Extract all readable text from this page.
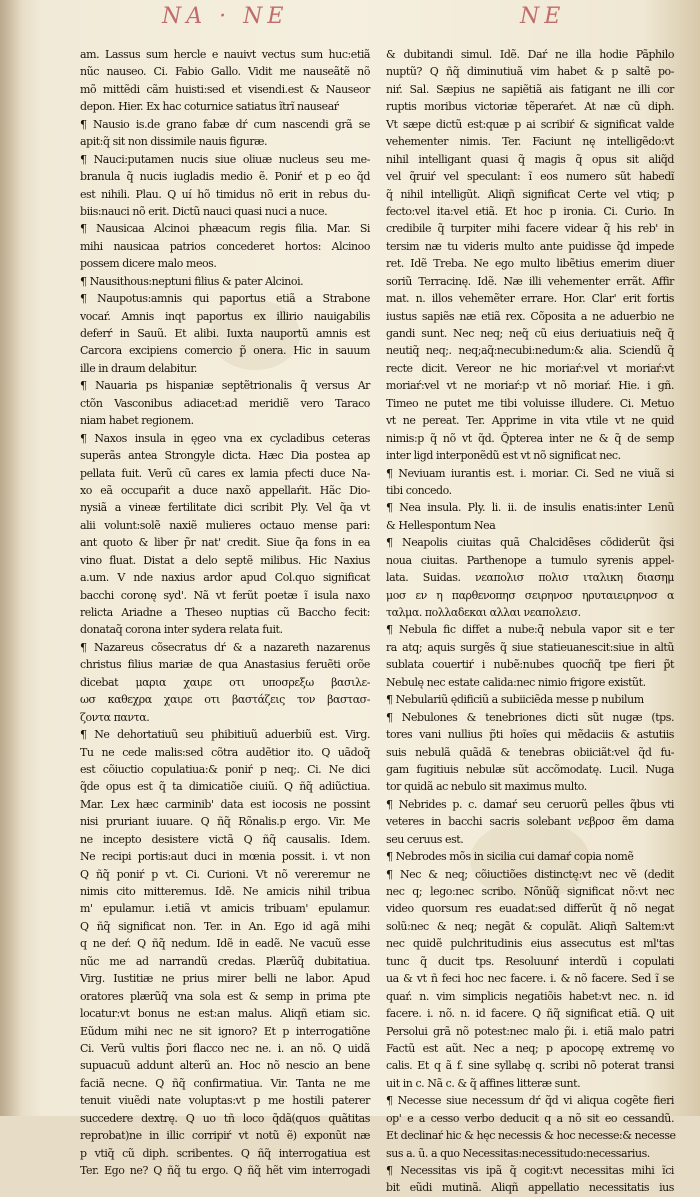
NA · NE	NE
am. Lassus sum hercle e nauivt vectus sum huc:etiã
nũc nauseo. Ci. Fabio Gallo. Vidit me nauseãtẽ nõ
mõ mittẽdi cãm huisti:sed et visendi.est & Nauseor
depon. Hier. Ex hac coturnice satiatus ĩtrĩ nauseaŕ
¶ Nausio is.de grano fabæ dŕ cum nascendi grã se
apit:q̃ sit non dissimile nauis figuræ.
¶ Nauci:putamen nucis siue oliuæ nucleus seu me-
branula q̃ nucis iugladis medio ẽ. Poniŕ et p eo q̃d
est nihili. Plau. Q uí hõ timidus nõ erit in rebus du-
biis:nauci nõ erit. Dictũ nauci quasi nuci a nuce.
¶ Nausicaa Alcinoi phæacum regis filia. Mar. Si
mihi nausicaa patrios concederet hortos: Alcinoo
possem dicere malo meos.
¶ Nausithous:neptuni filius & pater Alcinoi.
¶ Naupotus:amnis qui paportus etiã a Strabone
vocaŕ. Amnis inqt paportus ex illirio nauigabilis
deferŕ in Sauũ. Et alibi. Iuxta nauportũ amnis est
Carcora excipiens comercio p̃ onera. Hic in sauum
ille in draum delabitur.
¶ Nauaria ps hispaniæ septẽtrionalis q̃ versus Ar
ctõn Vasconibus adiacet:ad meridiẽ vero Taraco
niam habet regionem.
¶ Naxos insula in ęgeo vna ex cycladibus ceteras
superãs antea Strongyle dicta. Hæc Dia postea ap
pellata fuit. Verũ cũ cares ex lamia pfecti duce Na-
xo eã occupaŕit a duce naxõ appellaŕit. Hãc Dio-
nysiã a vineæ fertilitate dici scribit Ply. Vel q̃a vt
alii volunt:solẽ naxiẽ mulieres octauo mense pari:
ant quoto & liber p̃r nat' credit. Siue q̃a fons in ea
vino fluat. Distat a delo septẽ milibus. Hic Naxius
a.um. V nde naxius ardor apud Col.quo significat
bacchi coronę syd'. Nã vt ferũt poetæ ĩ isula naxo
relicta Ariadne a Theseo nuptias cũ Baccho fecit:
donataq̃ corona inter sydera relata fuit.
¶ Nazareus cõsecratus dŕ & a nazareth nazarenus
christus filius mariæ de qua Anastasius feruẽti orõe
dicebat μαρια χαιρε οτι υποσρεξω βασιλε-
ωσ καθεχρα χαιρε οτι βαστάζεις τον βαστασ-
ζοντα παντα.
¶ Ne dehortatiuũ seu phibitiuũ aduerbiũ est. Virg.
Tu ne cede malis:sed cõtra audẽtior ito. Q uãdoq̃
est cõiuctio copulatiua:& poniŕ p neq;. Ci. Ne dici
q̃de opus est q̃ ta dimicatiõe ciuiũ. Q ñq̃ adiũctiua.
Mar. Lex hæc carminib' data est iocosis ne possint
nisi pruriant iuuare. Q ñq̃ Rõnalis.p ergo. Vir. Me
ne incepto desistere victã Q ñq̃ causalis. Idem.
Ne recipi portis:aut duci in mœnia possit. i. vt non
Q ñq̃ poniŕ p vt. Ci. Curioni. Vt nõ vereremur ne
nimis cito mitteremus. Idẽ. Ne amicis nihil tribua
m' epulamur. i.etiã vt amicis tribuam' epulamur.
Q ñq̃ significat non. Ter. in An. Ego id agã mihi
q ne deŕ. Q ñq̃ nedum. Idẽ in eadẽ. Ne vacuũ esse
nũc me ad narrandũ credas. Plærũq̃ dubitatiua.
Virg. Iustitiæ ne prius mirer belli ne labor. Apud
oratores plærũq̃ vna sola est & semp in prima pte
locatur:vt bonus ne est:an malus. Aliqñ etiam sic.
Eũdum mihi nec ne sit ignoro? Et p interrogatiõne
Ci. Verũ vultis p̃ori flacco nec ne. i. an nõ. Q uidã
supuacuũ addunt alterũ an. Hoc nõ nescio an bene
faciã necne. Q ñq̃ confirmatiua. Vir. Tanta ne me
tenuit viuẽdi nate voluptas:vt p me hostili paterer
succedere dextrę. Q uo tñ loco q̃dã(quos quãtitas
reprobat)ne in illic corripiŕ vt notũ ẽ) exponũt næ
p vtiq̃ cũ diph. scribentes. Q ñq̃ interrogatiua est
Ter. Ego ne? Q ñq̃ tu ergo. Q ñq̃ hẽt vim interrogadi
& dubitandi simul. Idẽ. Daŕ ne illa hodie Pãphilo
nuptũ? Q ñq̃ diminutiuã vim habet & p saltẽ po-
niŕ. Sal. Sæpius ne sapiẽtiã ais fatigant ne illi cor
ruptis moribus victoriæ tẽperaŕet. At næ cũ diph.
Vt sæpe dictũ est:quæ p ai scribiŕ & significat valde
vehementer nimis. Ter. Faciunt nę intelligẽdo:vt
nihil intelligant quasi q̃ magis q̃ opus sit aliq̃d
vel q̃ruiŕ vel speculant: ĩ eos numero sũt habedĩ
q̃ nihil intelligũt. Aliqñ significat Certe vel vtiq; p
fecto:vel ita:vel etiã. Et hoc p ironia. Ci. Curio. In
credibile q̃ turpiter mihi facere videar q̃ his reb' in
tersim næ tu videris multo ante puidisse q̃d impede
ret. Idẽ Treba. Ne ego multo libẽtius emerim diuer
soriũ Terracinę. Idẽ. Næ illi vehementer errãt. Affir
mat. n. illos vehemẽter errare. Hor. Clar' erit fortis
iustus sapiẽs næ etiã rex. Cõposita a ne aduerbio ne
gandi sunt. Nec neq; neq̃ cũ eius deriuatiuis neq̃ q̃
neutiq̃ neq;. neq;aq̃:necubi:nedum:& alia. Sciendũ q̃
recte dicit. Vereor ne hic moriaŕ:vel vt moriaŕ:vt
moriaŕ:vel vt ne moriaŕ:p vt nõ moriaŕ. Hie. i gñ.
Timeo ne putet me tibi voluisse illudere. Ci. Metuo
vt ne pereat. Ter. Apprime in vita vtile vt ne quid
nimis:p q̃ nõ vt q̃d. Q̃pterea inter ne & q̃ de semp
inter ligd interponẽdũ est vt nõ significat nec.
¶ Neviuam iurantis est. i. moriar. Ci. Sed ne viuã si
tibi concedo.
¶ Nea insula. Ply. li. ii. de insulis enatis:inter Lenũ
& Hellespontum Nea
¶ Neapolis ciuitas quã Chalcidẽses cõdiderũt q̃si
noua ciuitas. Parthenope a tumulo syrenis appel-
lata. Suidas. νεαπολισ πολισ ιταλικη διασημ
μοσ εν η παρθενοπησ σειρηνοσ ηρυταιειρηνοσ α
ταλμα. πολλαδεκαι αλλαι νεαπολεισ.
¶ Nebula fic diffet a nube:q̃ nebula vapor sit e ter
ra atq; aquis surgẽs q̃ siue statieuanescit:siue in altũ
sublata couertiŕ i nubẽ:nubes quocñq̃ tpe fieri p̃t
Nebulę nec estate calida:nec nimio frigore existũt.
¶ Nebulariũ ędificiũ a subiiciẽda messe p nubilum
¶ Nebulones & tenebriones dicti sũt nugæ (tps.
tores vani nullius p̃ti hoĩes qui mẽdaciis & astutiis
suis nebulã quãdã & tenebras obiiciãt:vel q̃d fu-
gam fugitiuis nebulæ sũt accõmodatę. Lucil. Nuga
tor quidã ac nebulo sit maximus multo.
¶ Nebrides p. c. damaŕ seu ceruorũ pelles q̃bus vti
veteres in bacchi sacris solebant νεβροσ ẽm dama
seu ceruus est.
¶ Nebrodes mõs in sicilia cui damaŕ copia nomẽ
¶ Nec & neq; cõiuctiões distinctę:vt nec vẽ (dedit
nec q; lego:nec scribo. Nõnũq̃ significat nõ:vt nec
video quorsum res euadat:sed differũt q̃ nõ negat
solũ:nec & neq; negãt & copulãt. Aliqñ Saltem:vt
nec quidẽ pulchritudinis eius assecutus est ml'tas
tunc q̃ ducit tps. Resoluunŕ interdũ i copulati
ua & vt ñ feci hoc nec facere. i. & nõ facere. Sed ĩ se
quaŕ. n. vim simplicis negatiõis habet:vt nec. n. id
facere. i. nõ. n. id facere. Q ñq̃ significat etiã. Q uit
Persolui grã nõ potest:nec malo p̃i. i. etiã malo patri
Factũ est aũt. Nec a neq; p apocopę extremę vo
calis. Et q ã f. sine syllabę q. scribi nõ poterat transi
uit in c. Nã c. & q̃ affines litteræ sunt.
¶ Necesse siue necessum dŕ q̃d vi aliqua cogẽte fieri
op' e a cesso verbo deducit q a nõ sit eo cessandũ.
Et declinaŕ hic & hęc necessis & hoc necesse:& necesse
sus a. ũ. a quo Necessitas:necessitudo:necessarius.
¶ Necessitas vis ipã q̃ cogit:vt necessitas mihi ĩci
bit eũdi mutinã. Aliqñ appellatio necessitatis ius
